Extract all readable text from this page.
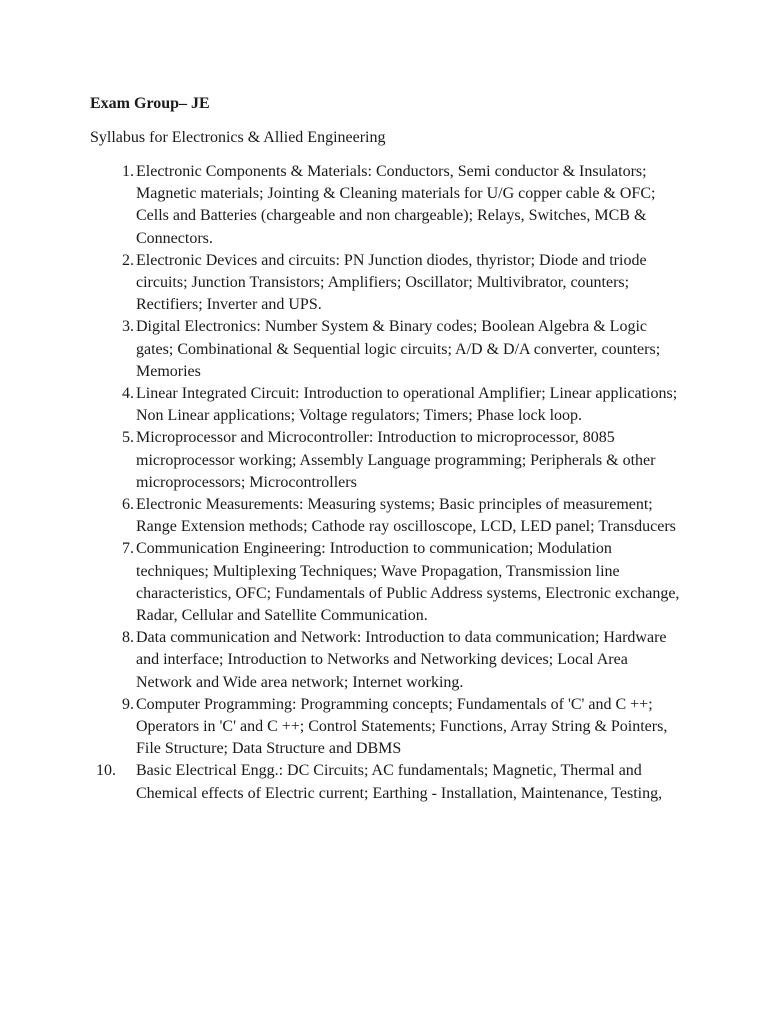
Exam Group– JE

Syllabus for Electronics & Allied Engineering

1. Electronic Components & Materials: Conductors, Semi conductor & Insulators; Magnetic materials; Jointing & Cleaning materials for U/G copper cable & OFC; Cells and Batteries (chargeable and non chargeable); Relays, Switches, MCB & Connectors.
2. Electronic Devices and circuits: PN Junction diodes, thyristor; Diode and triode circuits; Junction Transistors; Amplifiers; Oscillator; Multivibrator, counters; Rectifiers; Inverter and UPS.
3. Digital Electronics: Number System & Binary codes; Boolean Algebra & Logic gates; Combinational & Sequential logic circuits; A/D & D/A converter, counters; Memories
4. Linear Integrated Circuit: Introduction to operational Amplifier; Linear applications; Non Linear applications; Voltage regulators; Timers; Phase lock loop.
5. Microprocessor and Microcontroller: Introduction to microprocessor, 8085 microprocessor working; Assembly Language programming; Peripherals & other microprocessors; Microcontrollers
6. Electronic Measurements: Measuring systems; Basic principles of measurement; Range Extension methods; Cathode ray oscilloscope, LCD, LED panel; Transducers
7. Communication Engineering: Introduction to communication; Modulation techniques; Multiplexing Techniques; Wave Propagation, Transmission line characteristics, OFC; Fundamentals of Public Address systems, Electronic exchange, Radar, Cellular and Satellite Communication.
8. Data communication and Network: Introduction to data communication; Hardware and interface; Introduction to Networks and Networking devices; Local Area Network and Wide area network; Internet working.
9. Computer Programming: Programming concepts; Fundamentals of 'C' and C ++; Operators in 'C' and C ++; Control Statements; Functions, Array String & Pointers, File Structure; Data Structure and DBMS
10.	Basic Electrical Engg.: DC Circuits; AC fundamentals; Magnetic, Thermal and Chemical effects of Electric current; Earthing - Installation, Maintenance, Testing,
